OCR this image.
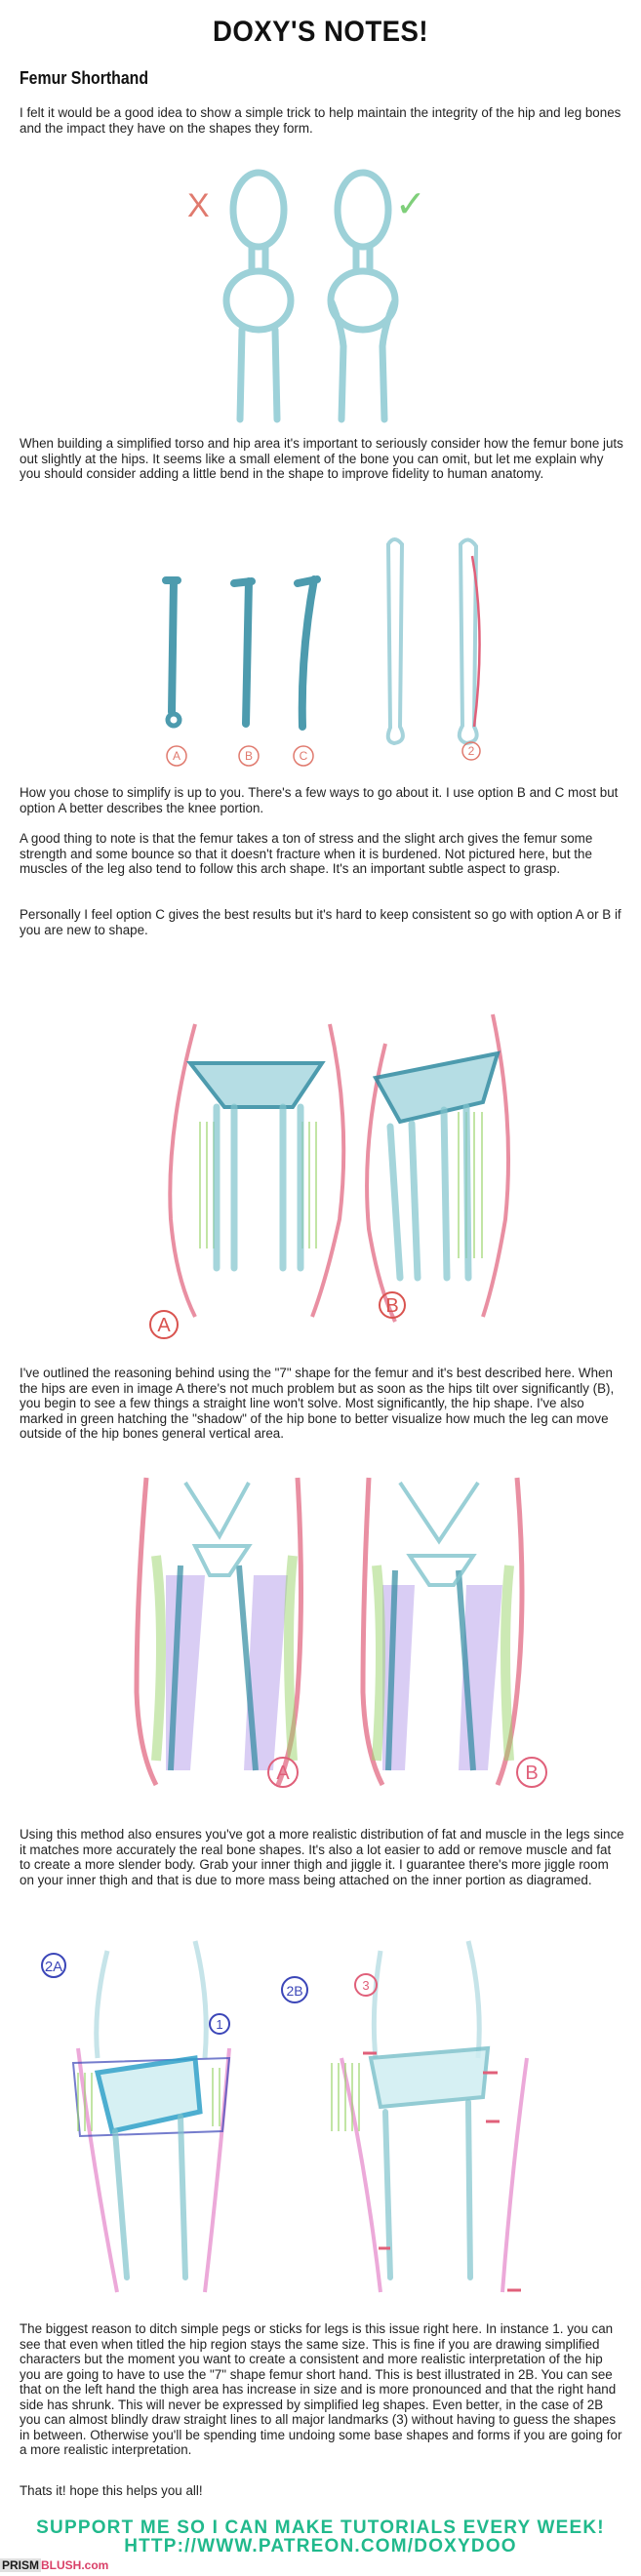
DOXY'S NOTES!
Femur Shorthand

I felt it would be a good idea to show a simple trick to help maintain the integrity of the hip and leg bones and the impact they have on the shapes they form.

X	✓

When building a simplified torso and hip area it's important to seriously consider how the femur bone juts out slightly at the hips. It seems like a small element of the bone you can omit, but let me explain why you should consider adding a little bend in the shape to improve fidelity to human anatomy.

A	B	C	2

How you chose to simplify is up to you. There's a few ways to go about it. I use option B and C most but option A better describes the knee portion.

A good thing to note is that the femur takes a ton of stress and the slight arch gives the femur some strength and some bounce so that it doesn't fracture when it is burdened. Not pictured here, but the muscles of the leg also tend to follow this arch shape. It's an important subtle aspect to grasp.

Personally I feel option C gives the best results but it's hard to keep consistent so go with option A or B if you are new to shape.

A
B

I've outlined the reasoning behind using the "7" shape for the femur and it's best described here. When the hips are even in image A there's not much problem but as soon as the hips tilt over significantly (B), you begin to see a few things a straight line won't solve. Most significantly, the hip shape. I've also marked in green hatching the "shadow" of the hip bone to better visualize how much the leg can move outside of the hip bones general vertical area.

A	B

Using this method also ensures you've got a more realistic distribution of fat and muscle in the legs since it matches more accurately the real bone shapes. It's also a lot easier to add or remove muscle and fat to create a more slender body. Grab your inner thigh and jiggle it. I guarantee there's more jiggle room on your inner thigh and that is due to more mass being attached on the inner portion as diagramed.

2A
1
2B	3

The biggest reason to ditch simple pegs or sticks for legs is this issue right here. In instance 1. you can see that even when titled the hip region stays the same size. This is fine if you are drawing simplified characters but the moment you want to create a consistent and more realistic interpretation of the hip you are going to have to use the "7" shape femur short hand. This is best illustrated in 2B. You can see that on the left hand the thigh area has increase in size and is more pronounced and that the right hand side has shrunk. This will never be expressed by simplified leg shapes. Even better, in the case of 2B you can almost blindly draw straight lines to all major landmarks (3) without having to guess the shapes in between. Otherwise you'll be spending time undoing some base shapes and forms if you are going for a more realistic interpretation.

Thats it! hope this helps you all!

SUPPORT ME SO I CAN MAKE TUTORIALS EVERY WEEK!
HTTP://WWW.PATREON.COM/DOXYDOO
PRISM BLUSH.com
